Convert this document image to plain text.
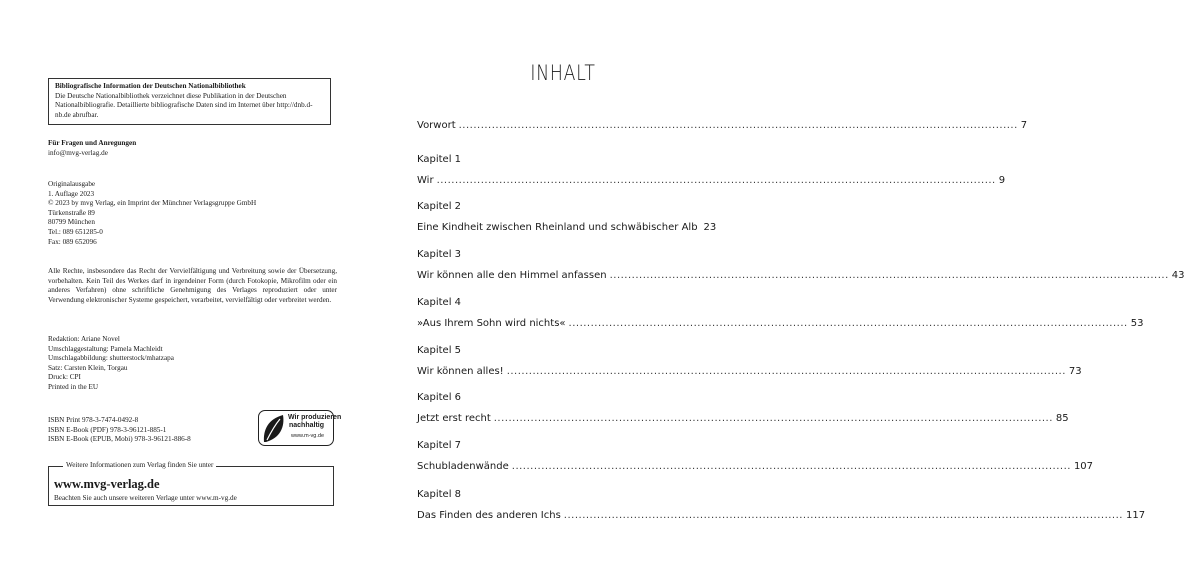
Bibliografische Information der Deutschen Nationalbibliothek
Die Deutsche Nationalbibliothek verzeichnet diese Publikation in der Deutschen Nationalbibliografie. Detaillierte bibliografische Daten sind im Internet über http://dnb.d-nb.de abrufbar.
Für Fragen und Anregungen
info@mvg-verlag.de
Originalausgabe
1. Auflage 2023
© 2023 by mvg Verlag, ein Imprint der Münchner Verlagsgruppe GmbH
Türkenstraße 89
80799 München
Tel.: 089 651285-0
Fax: 089 652096
Alle Rechte, insbesondere das Recht der Vervielfältigung und Verbreitung sowie der Übersetzung, vorbehalten. Kein Teil des Werkes darf in irgendeiner Form (durch Fotokopie, Mikrofilm oder ein anderes Verfahren) ohne schriftliche Genehmigung des Verlages reproduziert oder unter Verwendung elektronischer Systeme gespeichert, verarbeitet, vervielfältigt oder verbreitet werden.
Redaktion: Ariane Novel
Umschlaggestaltung: Pamela Machleidt
Umschlagabbildung: shutterstock/mhatzapa
Satz: Carsten Klein, Torgau
Druck: CPI
Printed in the EU
ISBN Print 978-3-7474-0492-8
ISBN E-Book (PDF) 978-3-96121-885-1
ISBN E-Book (EPUB, Mobi) 978-3-96121-886-8
Wir produzieren
nachhaltig
www.m-vg.de
Weitere Informationen zum Verlag finden Sie unter
www.mvg-verlag.de
Beachten Sie auch unsere weiteren Verlage unter www.m-vg.de
INHALT
Vorwort .....	7
Kapitel 1
Wir .....	9
Kapitel 2
Eine Kindheit zwischen Rheinland und schwäbischer Alb 23
Kapitel 3
Wir können alle den Himmel anfassen .....	43
Kapitel 4
»Aus Ihrem Sohn wird nichts« .....	53
Kapitel 5
Wir können alles! .....	73
Kapitel 6
Jetzt erst recht .....	85
Kapitel 7
Schubladenwände .....	107
Kapitel 8
Das Finden des anderen Ichs .....	117
